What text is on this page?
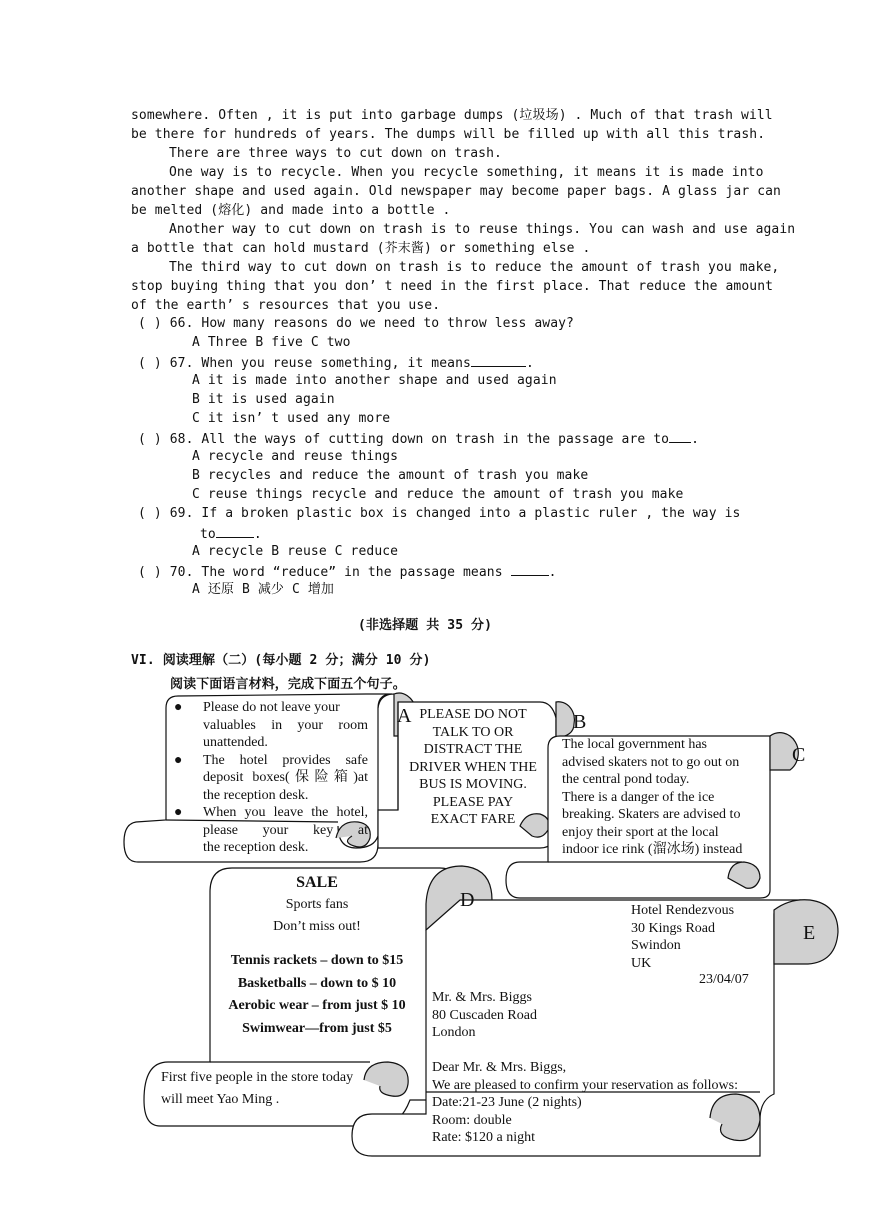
somewhere. Often , it is put into garbage dumps (垃圾场) . Much of that trash will
be there for hundreds of years. The dumps will be filled up with all this trash.
There are three ways to cut down on trash.
One way is to recycle. When you recycle something, it means it is made into
another shape and used again. Old newspaper may become paper bags. A glass jar can
be melted (熔化) and made into a bottle .
Another way to cut down on trash is to reuse things. You can wash and use again
a bottle that can hold mustard (芥末酱) or something else .
The third way to cut down on trash is to reduce the amount of trash you make,
stop buying thing that you don’ t need in the first place. That reduce the amount
of the earth’ s resources that you use.
( ) 66. How many reasons do we need to throw less away?
A Three B five C two
( ) 67. When you reuse something, it means	.
A it is made into another shape and used again
B it is used again
C it isn’ t used any more
( ) 68. All the ways of cutting down on trash in the passage are to .
A recycle and reuse things
B recycles and reduce the amount of trash you make
C reuse things recycle and reduce the amount of trash you make
( ) 69. If a broken plastic box is changed into a plastic ruler , the way is
to	.
A recycle B reuse C reduce
( ) 70. The word “reduce” in the passage means	.
A 还原 B 减少 C 增加
(非选择题 共 35 分)
VI. 阅读理解（二）(每小题 2 分；满分 10 分)
阅读下面语言材料，完成下面五个句子。
A	B
C
D
E
● Please do not leave your
valuables in your room
unattended.
● The hotel provides safe
deposit boxes(保险箱)at
the reception desk.
● When you leave the hotel,
please your key at
the reception desk.
PLEASE DO NOT
TALK TO OR
DISTRACT THE
DRIVER WHEN THE
BUS IS MOVING.
PLEASE PAY
EXACT FARE
The local government has
advised skaters not to go out on
the central pond today.
There is a danger of the ice
breaking. Skaters are advised to
enjoy their sport at the local
indoor ice rink (溜冰场) instead
SALE
Sports fans
Don’t miss out!
Tennis rackets – down to $15
Basketballs – down to $ 10
Aerobic wear – from just $ 10
Swimwear—from just $5
First five people in the store today
will meet Yao Ming .
Hotel Rendezvous
30 Kings Road
Swindon
UK
23/04/07
Mr. & Mrs. Biggs
80 Cuscaden Road
London
Dear Mr. & Mrs. Biggs,
We are pleased to confirm your reservation as follows:
Date:21-23 June (2 nights)
Room: double
Rate: $120 a night
